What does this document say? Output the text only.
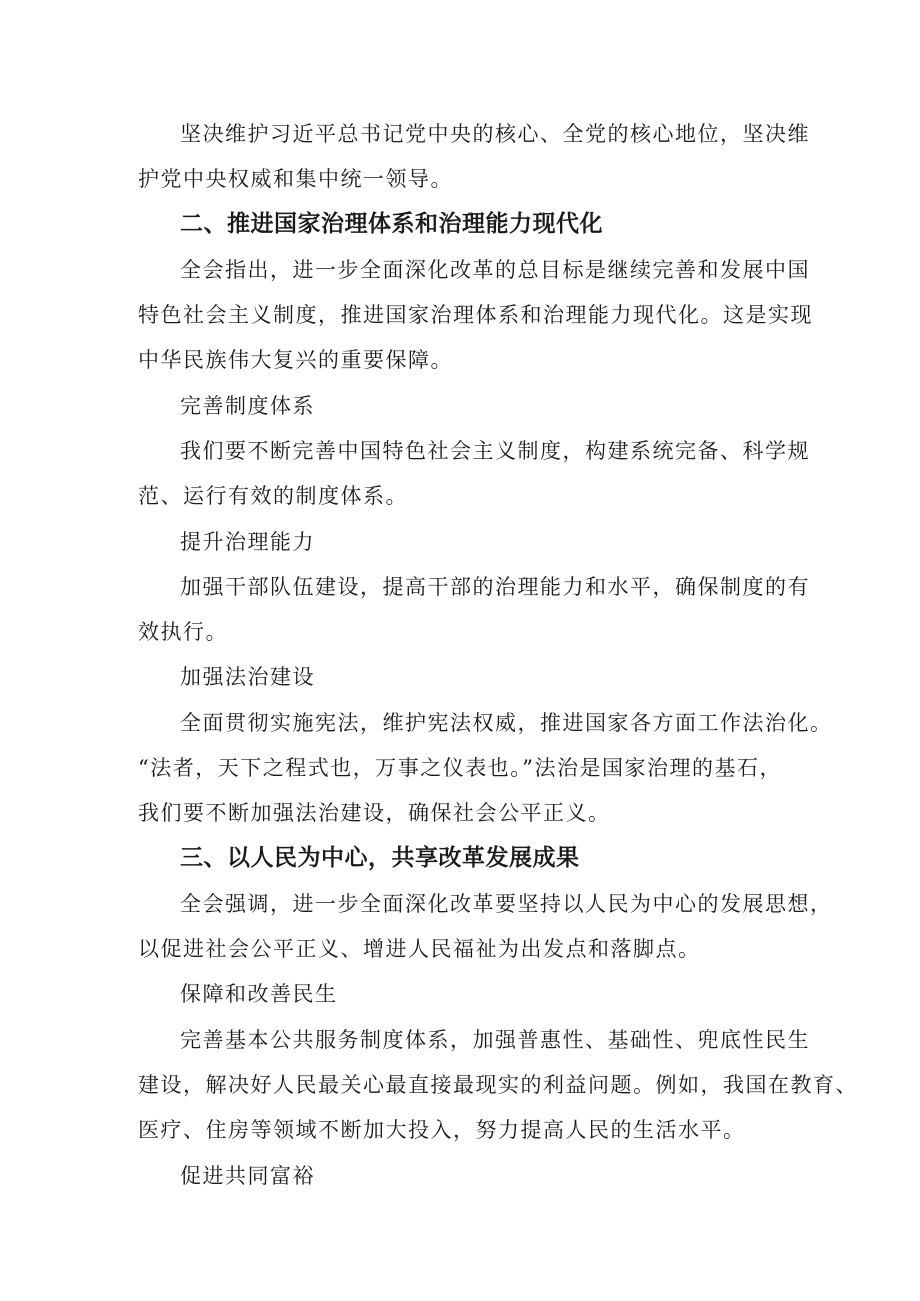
坚决维护习近平总书记党中央的核心、全党的核心地位，坚决维
护党中央权威和集中统一领导。
二、推进国家治理体系和治理能力现代化
全会指出，进一步全面深化改革的总目标是继续完善和发展中国
特色社会主义制度，推进国家治理体系和治理能力现代化。这是实现
中华民族伟大复兴的重要保障。
完善制度体系
我们要不断完善中国特色社会主义制度，构建系统完备、科学规
范、运行有效的制度体系。
提升治理能力
加强干部队伍建设，提高干部的治理能力和水平，确保制度的有
效执行。
加强法治建设
全面贯彻实施宪法，维护宪法权威，推进国家各方面工作法治化。
“法者，天下之程式也，万事之仪表也。”法治是国家治理的基石，
我们要不断加强法治建设，确保社会公平正义。
三、以人民为中心，共享改革发展成果
全会强调，进一步全面深化改革要坚持以人民为中心的发展思想，
以促进社会公平正义、增进人民福祉为出发点和落脚点。
保障和改善民生
完善基本公共服务制度体系，加强普惠性、基础性、兜底性民生
建设，解决好人民最关心最直接最现实的利益问题。例如，我国在教育、
医疗、住房等领域不断加大投入，努力提高人民的生活水平。
促进共同富裕
